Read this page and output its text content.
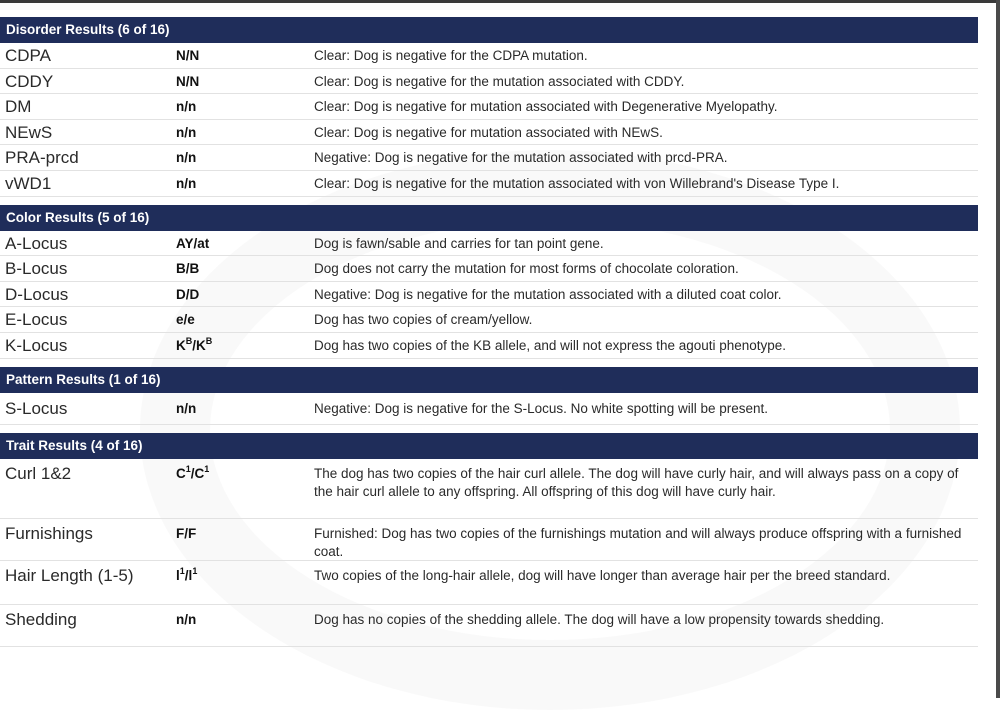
Disorder Results (6 of 16)
CDPA	N/N	Clear: Dog is negative for the CDPA mutation.
CDDY	N/N	Clear: Dog is negative for the mutation associated with CDDY.
DM	n/n	Clear: Dog is negative for mutation associated with Degenerative Myelopathy.
NEwS	n/n	Clear: Dog is negative for mutation associated with NEwS.
PRA-prcd	n/n	Negative: Dog is negative for the mutation associated with prcd-PRA.
vWD1	n/n	Clear: Dog is negative for the mutation associated with von Willebrand's Disease Type I.
Color Results (5 of 16)
A-Locus	AY/at	Dog is fawn/sable and carries for tan point gene.
B-Locus	B/B	Dog does not carry the mutation for most forms of chocolate coloration.
D-Locus	D/D	Negative: Dog is negative for the mutation associated with a diluted coat color.
E-Locus	e/e	Dog has two copies of cream/yellow.
K-Locus	$K^B/K^B$	Dog has two copies of the KB allele, and will not express the agouti phenotype.
Pattern Results (1 of 16)
S-Locus	n/n	Negative: Dog is negative for the S-Locus. No white spotting will be present.
Trait Results (4 of 16)
Curl 1&2	$C^1/C^1$	The dog has two copies of the hair curl allele. The dog will have curly hair, and will always pass on a copy of the hair curl allele to any offspring. All offspring of this dog will have curly hair.
Furnishings	F/F	Furnished: Dog has two copies of the furnishings mutation and will always produce offspring with a furnished coat.
Hair Length (1-5)	$l^1/l^1$	Two copies of the long-hair allele, dog will have longer than average hair per the breed standard.
Shedding	n/n	Dog has no copies of the shedding allele. The dog will have a low propensity towards shedding.
